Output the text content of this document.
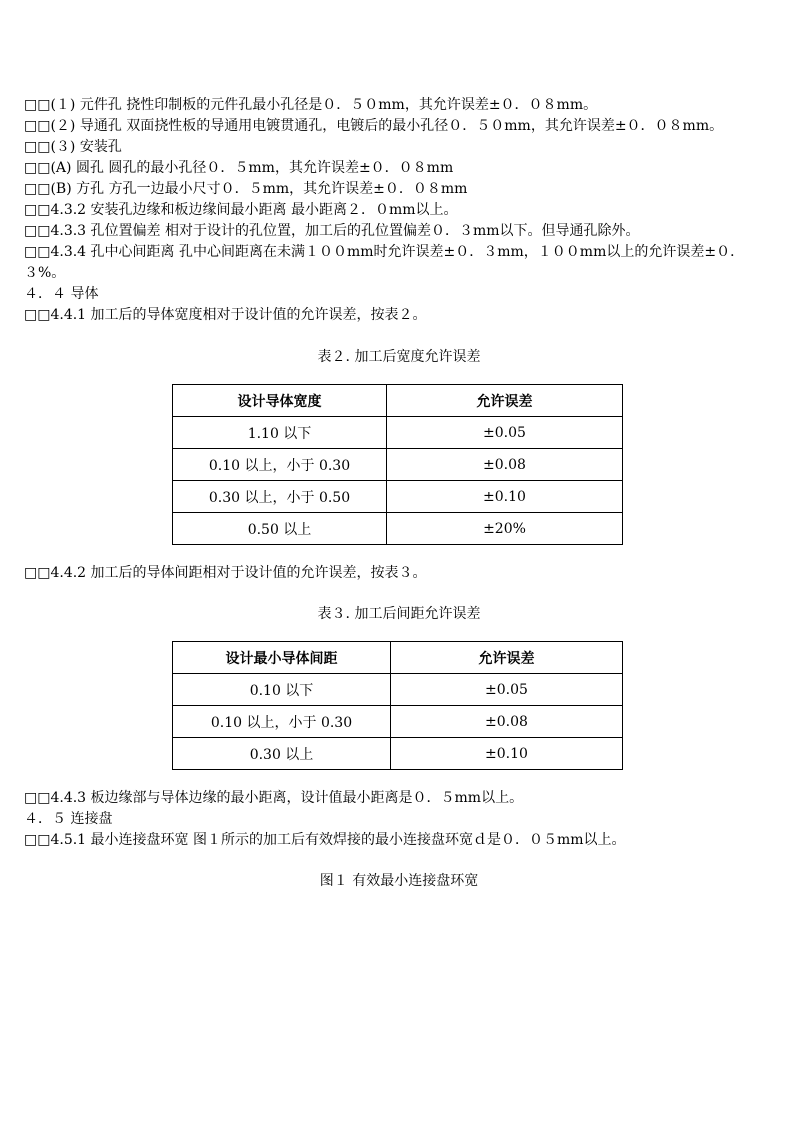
□□(１) 元件孔 挠性印制板的元件孔最小孔径是０．５０mm，其允许误差±０．０８mm。
□□(２) 导通孔 双面挠性板的导通用电镀贯通孔，电镀后的最小孔径０．５０mm，其允许误差±０．０８mm。
□□(３) 安装孔
□□(A) 圆孔 圆孔的最小孔径０．５mm，其允许误差±０．０８mm
□□(B) 方孔 方孔一边最小尺寸０．５mm，其允许误差±０．０８mm
□□4.3.2 安装孔边缘和板边缘间最小距离 最小距离２．０mm以上。
□□4.3.3 孔位置偏差 相对于设计的孔位置，加工后的孔位置偏差０．３mm以下。但导通孔除外。
□□4.3.4 孔中心间距离 孔中心间距离在未满１００mm时允许误差±０．３mm，１００mm以上的允许误差±０．３%。
４．４ 导体
□□4.4.1 加工后的导体宽度相对于设计值的允许误差，按表２。
表２. 加工后宽度允许误差
设计导体宽度	允许误差
1.10 以下	±0.05
0.10 以上，小于 0.30	±0.08
0.30 以上，小于 0.50	±0.10
0.50 以上	±20%
□□4.4.2 加工后的导体间距相对于设计值的允许误差，按表３。
表３. 加工后间距允许误差
设计最小导体间距	允许误差
0.10 以下	±0.05
0.10 以上，小于 0.30	±0.08
0.30 以上	±0.10
□□4.4.3 板边缘部与导体边缘的最小距离，设计值最小距离是０．５mm以上。
４．５ 连接盘
□□4.5.1 最小连接盘环宽 图１所示的加工后有效焊接的最小连接盘环宽ｄ是０．０５mm以上。
图１ 有效最小连接盘环宽
